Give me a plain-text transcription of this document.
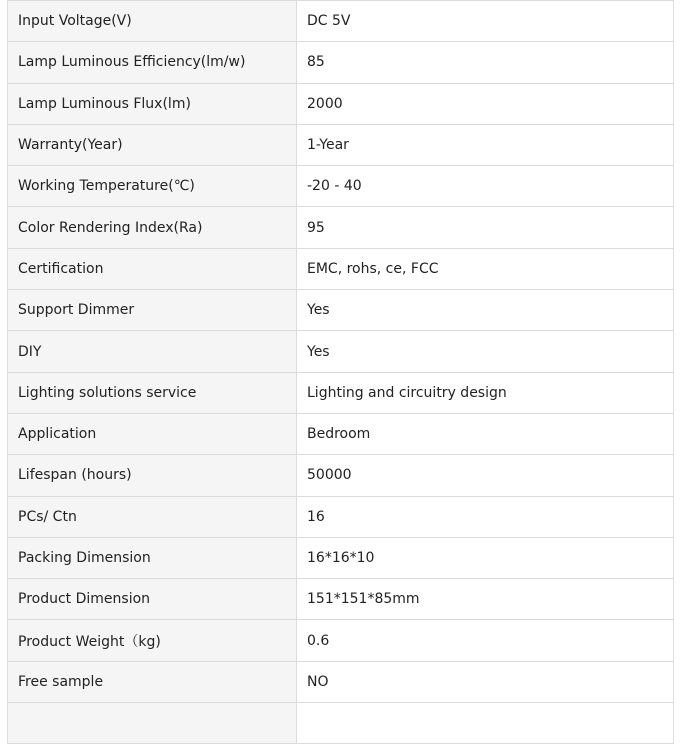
Input Voltage(V)	DC 5V
Lamp Luminous Efficiency(lm/w)	85
Lamp Luminous Flux(lm)	2000
Warranty(Year)	1-Year
Working Temperature(℃)	-20 - 40
Color Rendering Index(Ra)	95
Certification	EMC, rohs, ce, FCC
Support Dimmer	Yes
DIY	Yes
Lighting solutions service	Lighting and circuitry design
Application	Bedroom
Lifespan (hours)	50000
PCs/ Ctn	16
Packing Dimension	16*16*10
Product Dimension	151*151*85mm
Product Weight（kg)	0.6
Free sample	NO
